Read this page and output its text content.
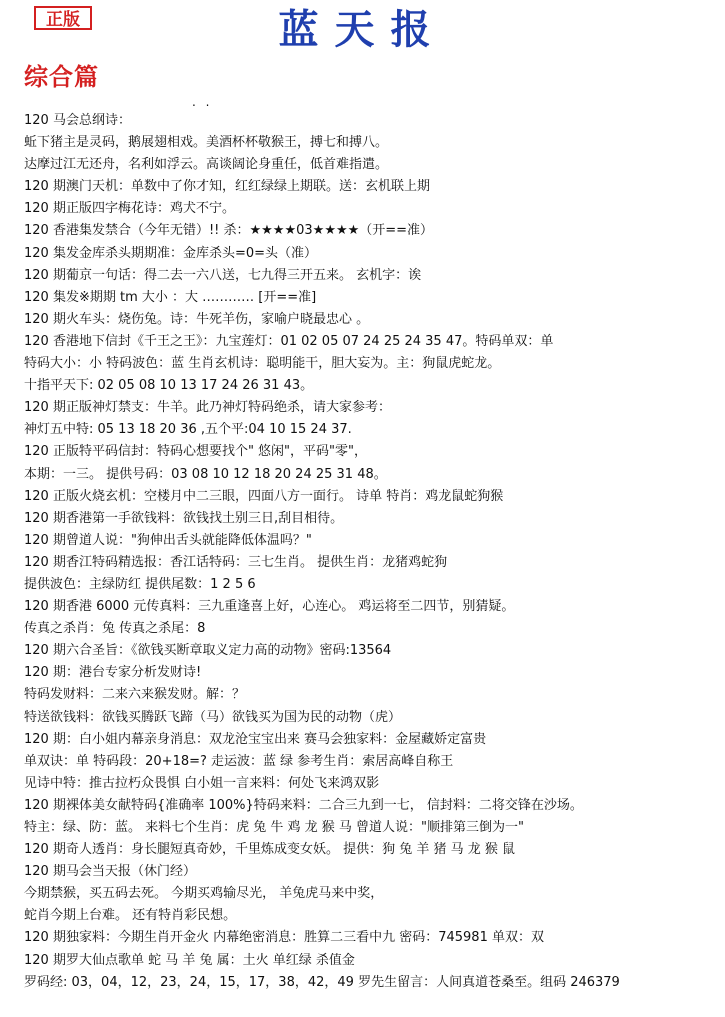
正版	蓝天报
综合篇
. .
120 马会总纲诗：
蚯下猪主是灵码，鹅展翅相戏。美酒杯杯敬猴王，搏七和搏八。
达摩过江无还舟，名利如浮云。高谈阔论身重任，低首难指遣。
120 期澳门天机：单数中了你才知，红红绿绿上期联。送：玄机联上期
120 期正版四字梅花诗：鸡犬不宁。
120 香港集发禁合（今年无错）!! 杀：★★★★03★★★★（开==准）
120 集发金库杀头期期准：金库杀头=0=头（准）
120 期葡京一句话：得二去一六八送，七九得三开五来。 玄机字：诶
120 集发※期期 tm 大小 ：大 ………… [开==准]
120 期火车头：烧伤兔。诗：牛死羊伤，家喻户晓最忠心 。
120 香港地下信封《千王之王》：九宝莲灯：01 02 05 07 24 25 24 35 47。特码单双：单
特码大小：小 特码波色：蓝 生肖玄机诗：聪明能干，胆大妄为。主：狗鼠虎蛇龙。
十指平天下: 02 05 08 10 13 17 24 26 31 43。
120 期正版神灯禁支：牛羊。此乃神灯特码绝杀，请大家参考：
神灯五中特: 05 13 18 20 36 ,五个平:04 10 15 24 37.
120 正版特平码信封：特码心想要找个" 悠闲"，平码"零"，
本期：一三。 提供号码：03 08 10 12 18 20 24 25 31 48。
120 正版火烧玄机：空楼月中二三眼，四面八方一面行。 诗单 特肖：鸡龙鼠蛇狗猴
120 期香港第一手欲钱料：欲钱找土别三日,刮目相待。
120 期曾道人说："狗伸出舌头就能降低体温吗？"
120 期香江特码精选报：香江话特码：三七生肖。 提供生肖：龙猪鸡蛇狗
提供波色：主绿防红 提供尾数：1 2 5 6
120 期香港 6000 元传真料：三九重逢喜上好，心连心。 鸡运将至二四节，别猜疑。
传真之杀肖：兔 传真之杀尾：8
120 期六合圣旨：《欲钱买断章取义定力高的动物》密码:13564
120 期：港台专家分析发财诗!
特码发财料：二来六来猴发财。解：？
特送欲钱料：欲钱买腾跃飞蹄（马）欲钱买为国为民的动物（虎）
120 期：白小姐内幕亲身消息：双龙沧宝宝出来 赛马会独家料：金屋藏娇定富贵
单双诀：单 特码段：20+18=? 走运波：蓝 绿 参考生肖：索居高峰自称王
见诗中特：推古拉朽众畏惧 白小姐一言来料：何处飞来鸿双影
120 期裸体美女献特码{准确率 100%}特码来料：二合三九到一七， 信封料：二将交锋在沙场。
特主：绿、防：蓝。 来料七个生肖：虎 兔 牛 鸡 龙 猴 马 曾道人说："顺排第三倒为一"
120 期奇人透肖：身长腿短真奇妙，千里炼成变女妖。 提供：狗 兔 羊 猪 马 龙 猴 鼠
120 期马会当天报（休门经）
今期禁猴，买五码去死。 今期买鸡输尽光， 羊兔虎马来中奖，
蛇肖今期上台难。 还有特肖彩民想。
120 期独家料：今期生肖开金火 内幕绝密消息：胜算二三看中九 密码：745981 单双：双
120 期罗大仙点歌单 蛇 马 羊 兔 属：土火 单红绿 杀值金
罗码经: 03，04，12，23，24，15，17，38，42，49 罗先生留言：人间真道苍桑至。组码 246379
